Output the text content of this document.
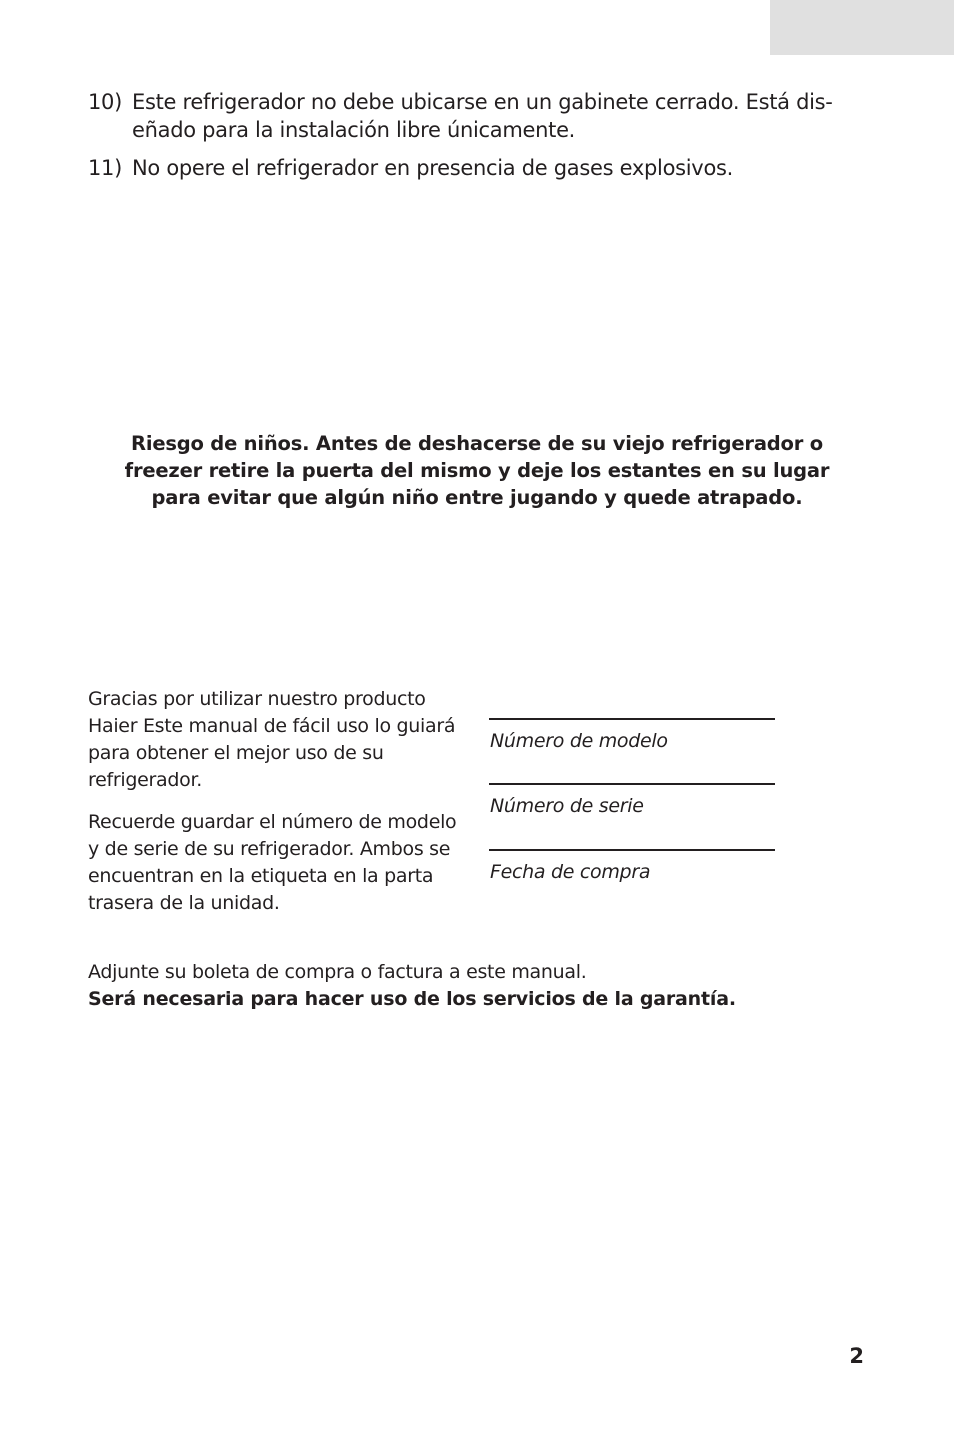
10) Este refrigerador no debe ubicarse en un gabinete cerrado. Está dis-eñado para la instalación libre únicamente.
11) No opere el refrigerador en presencia de gases explosivos.
Riesgo de niños. Antes de deshacerse de su viejo refrigerador o
freezer retire la puerta del mismo y deje los estantes en su lugar
para evitar que algún niño entre jugando y quede atrapado.
Gracias por utilizar nuestro producto Haier Este manual de fácil uso lo guiará para obtener el mejor uso de su refrigerador.
Recuerde guardar el número de modelo y de serie de su refrigerador. Ambos se encuentran en la etiqueta en la parta trasera de la unidad.
Número de modelo
Número de serie
Fecha de compra
Adjunte su boleta de compra o factura a este manual.
Será necesaria para hacer uso de los servicios de la garantía.
2
